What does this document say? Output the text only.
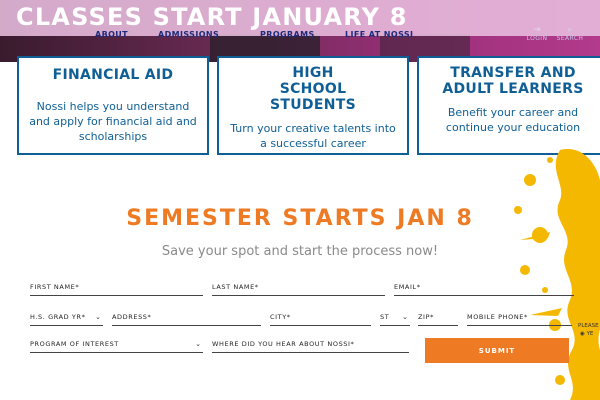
CLASSES START JANUARY 8
ABOUT	ADMISSIONS	PROGRAMS	LIFE AT NOSSI	⇥
LOGIN
⌕
SEARCH
FINANCIAL AID
Nossi helps you understand and apply for financial aid and scholarships
HIGH SCHOOL STUDENTS
Turn your creative talents into a successful career
TRANSFER AND ADULT LEARNERS
Benefit your career and continue your education
SEMESTER STARTS JAN 8
Save your spot and start the process now!
FIRST NAME*	LAST NAME*	EMAIL*
H.S. GRAD YR* ⌄ ADDRESS*	CITY*	ST ⌄ ZIP*	MOBILE PHONE*
PROGRAM OF INTEREST	⌄ WHERE DID YOU HEAR ABOUT NOSSI*
SUBMIT
PLEASE
◉ YE
